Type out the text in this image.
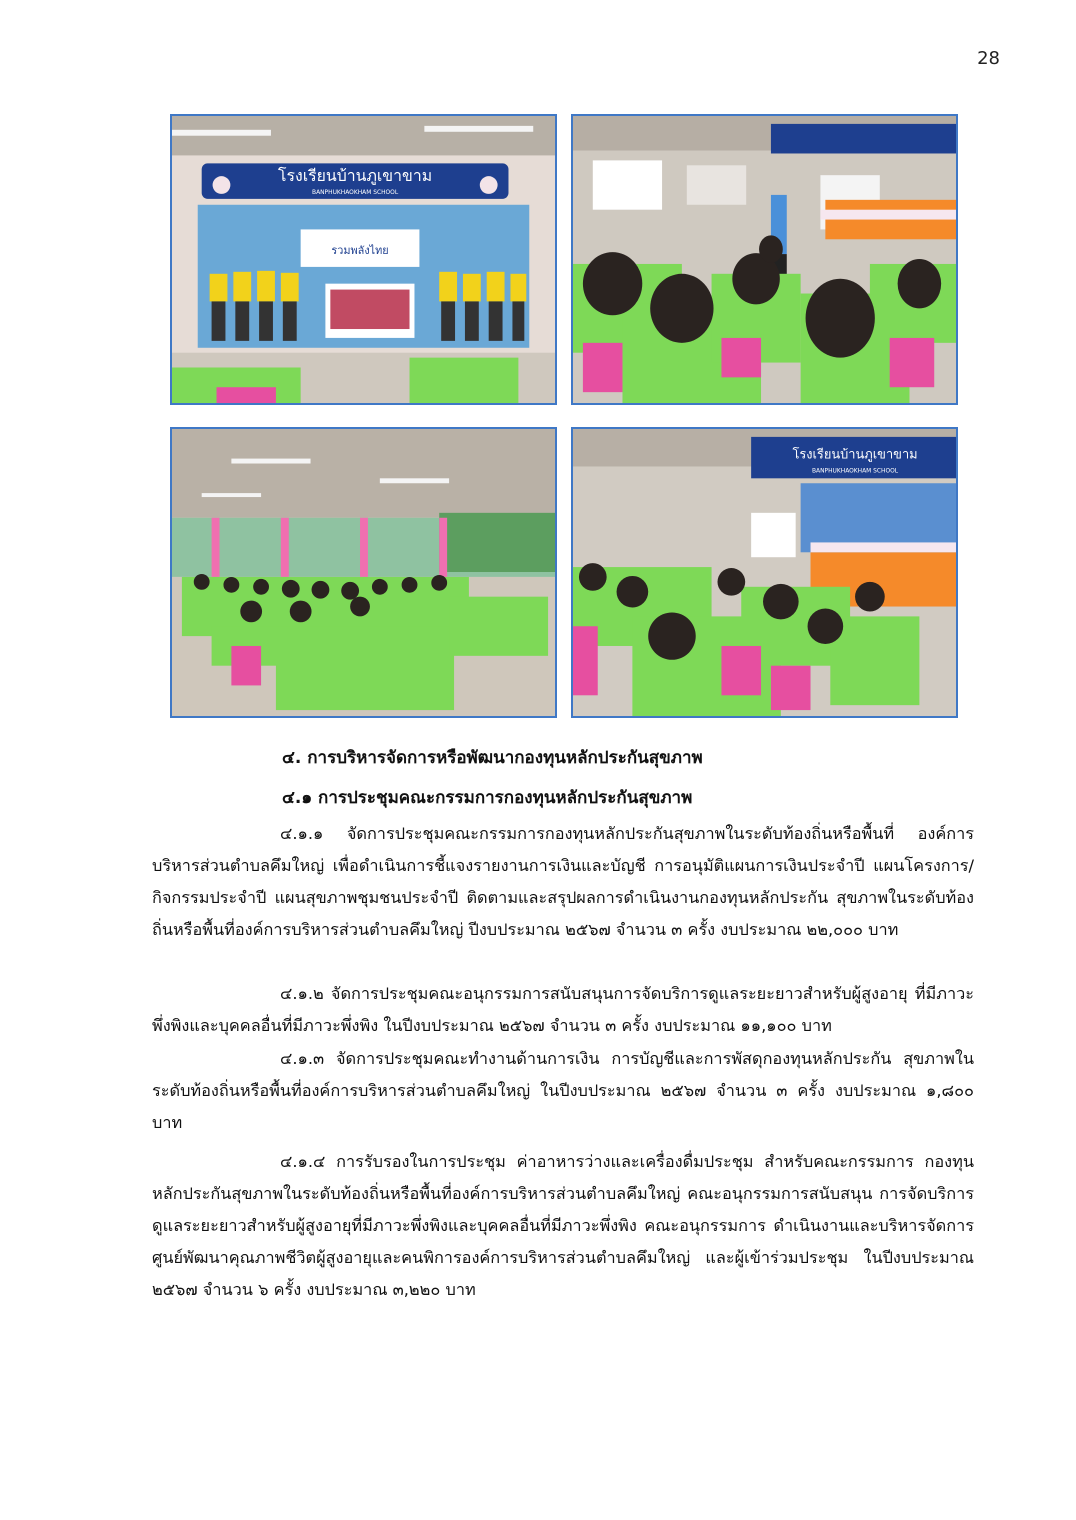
28
โรงเรียนบ้านภูเขาขาม
BANPHUKHAOKHAM SCHOOL
รวมพลังไทย
โรงเรียนบ้านภูเขาขาม
BANPHUKHAOKHAM SCHOOL
๔. การบริหารจัดการหรือพัฒนากองทุนหลักประกันสุขภาพ
๔.๑ การประชุมคณะกรรมการกองทุนหลักประกันสุขภาพ
๔.๑.๑ จัดการประชุมคณะกรรมการกองทุนหลักประกันสุขภาพในระดับท้องถิ่นหรือพื้นที่ องค์การบริหารส่วนตำบลคึมใหญ่ เพื่อดำเนินการชี้แจงรายงานการเงินและบัญชี การอนุมัติแผนการเงินประจำปี แผนโครงการ/กิจกรรมประจำปี แผนสุขภาพชุมชนประจำปี ติดตามและสรุปผลการดำเนินงานกองทุนหลักประกัน สุขภาพในระดับท้องถิ่นหรือพื้นที่องค์การบริหารส่วนตำบลคึมใหญ่ ปีงบประมาณ ๒๕๖๗ จำนวน ๓ ครั้ง งบประมาณ ๒๒,๐๐๐ บาท
๔.๑.๒ จัดการประชุมคณะอนุกรรมการสนับสนุนการจัดบริการดูแลระยะยาวสำหรับผู้สูงอายุ ที่มีภาวะพึ่งพิงและบุคคลอื่นที่มีภาวะพึ่งพิง ในปีงบประมาณ ๒๕๖๗ จำนวน ๓ ครั้ง งบประมาณ ๑๑,๑๐๐ บาท
๔.๑.๓ จัดการประชุมคณะทำงานด้านการเงิน การบัญชีและการพัสดุกองทุนหลักประกัน สุขภาพในระดับท้องถิ่นหรือพื้นที่องค์การบริหารส่วนตำบลคึมใหญ่ ในปีงบประมาณ ๒๕๖๗ จำนวน ๓ ครั้ง งบประมาณ ๑,๘๐๐ บาท
๔.๑.๔ การรับรองในการประชุม ค่าอาหารว่างและเครื่องดื่มประชุม สำหรับคณะกรรมการ กองทุนหลักประกันสุขภาพในระดับท้องถิ่นหรือพื้นที่องค์การบริหารส่วนตำบลคึมใหญ่ คณะอนุกรรมการสนับสนุน การจัดบริการดูแลระยะยาวสำหรับผู้สูงอายุที่มีภาวะพึ่งพิงและบุคคลอื่นที่มีภาวะพึ่งพิง คณะอนุกรรมการ ดำเนินงานและบริหารจัดการศูนย์พัฒนาคุณภาพชีวิตผู้สูงอายุและคนพิการองค์การบริหารส่วนตำบลคึมใหญ่ และผู้เข้าร่วมประชุม ในปีงบประมาณ ๒๕๖๗ จำนวน ๖ ครั้ง งบประมาณ ๓,๒๒๐ บาท
